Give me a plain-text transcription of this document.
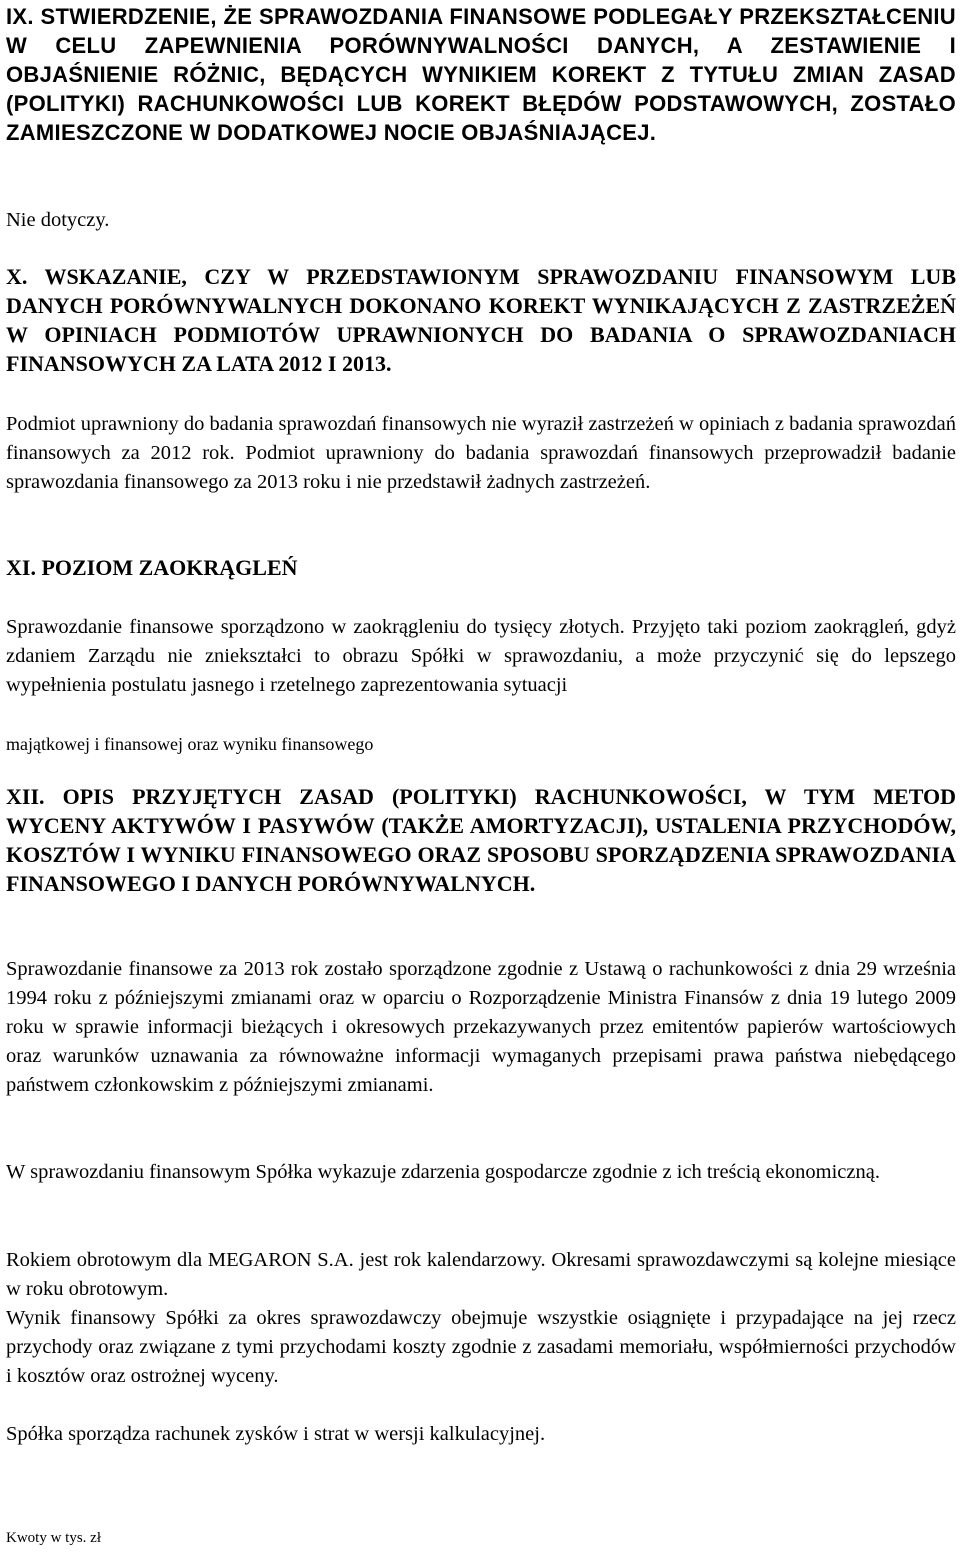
IX. STWIERDZENIE, ŻE SPRAWOZDANIA FINANSOWE PODLEGAŁY PRZEKSZTAŁCENIU W CELU ZAPEWNIENIA PORÓWNYWALNOŚCI DANYCH, A ZESTAWIENIE I OBJAŚNIENIE RÓŻNIC, BĘDĄCYCH WYNIKIEM KOREKT Z TYTUŁU ZMIAN ZASAD (POLITYKI) RACHUNKOWOŚCI LUB KOREKT BŁĘDÓW PODSTAWOWYCH, ZOSTAŁO ZAMIESZCZONE W DODATKOWEJ NOCIE OBJAŚNIAJĄCEJ.

Nie dotyczy.

X. WSKAZANIE, CZY W PRZEDSTAWIONYM SPRAWOZDANIU FINANSOWYM LUB DANYCH PORÓWNYWALNYCH DOKONANO KOREKT WYNIKAJĄCYCH Z ZASTRZEŻEŃ W OPINIACH PODMIOTÓW UPRAWNIONYCH DO BADANIA O SPRAWOZDANIACH FINANSOWYCH ZA LATA 2012 I 2013.

Podmiot uprawniony do badania sprawozdań finansowych nie wyraził zastrzeżeń w opiniach z badania sprawozdań finansowych za 2012 rok. Podmiot uprawniony do badania sprawozdań finansowych przeprowadził badanie sprawozdania finansowego za 2013 roku i nie przedstawił żadnych zastrzeżeń.

XI. POZIOM ZAOKRĄGLEŃ

Sprawozdanie finansowe sporządzono w zaokrągleniu do tysięcy złotych. Przyjęto taki poziom zaokrągleń, gdyż zdaniem Zarządu nie zniekształci to obrazu Spółki w sprawozdaniu, a może przyczynić się do lepszego wypełnienia postulatu jasnego i rzetelnego zaprezentowania sytuacji

majątkowej i finansowej oraz wyniku finansowego

XII. OPIS PRZYJĘTYCH ZASAD (POLITYKI) RACHUNKOWOŚCI, W TYM METOD WYCENY AKTYWÓW I PASYWÓW (TAKŻE AMORTYZACJI), USTALENIA PRZYCHODÓW, KOSZTÓW I WYNIKU FINANSOWEGO ORAZ SPOSOBU SPORZĄDZENIA SPRAWOZDANIA FINANSOWEGO I DANYCH PORÓWNYWALNYCH.

Sprawozdanie finansowe za 2013 rok zostało sporządzone zgodnie z Ustawą o rachunkowości z dnia 29 września 1994 roku z późniejszymi zmianami oraz w oparciu o Rozporządzenie Ministra Finansów z dnia 19 lutego 2009 roku w sprawie informacji bieżących i okresowych przekazywanych przez emitentów papierów wartościowych oraz warunków uznawania za równoważne informacji wymaganych przepisami prawa państwa niebędącego państwem członkowskim z późniejszymi zmianami.

W sprawozdaniu finansowym Spółka wykazuje zdarzenia gospodarcze zgodnie z ich treścią ekonomiczną.

Rokiem obrotowym dla MEGARON S.A. jest rok kalendarzowy. Okresami sprawozdawczymi są kolejne miesiące w roku obrotowym.

Wynik finansowy Spółki za okres sprawozdawczy obejmuje wszystkie osiągnięte i przypadające na jej rzecz przychody oraz związane z tymi przychodami koszty zgodnie z zasadami memoriału, współmierności przychodów i kosztów oraz ostrożnej wyceny.

Spółka sporządza rachunek zysków i strat w wersji kalkulacyjnej.

Kwoty w tys. zł
